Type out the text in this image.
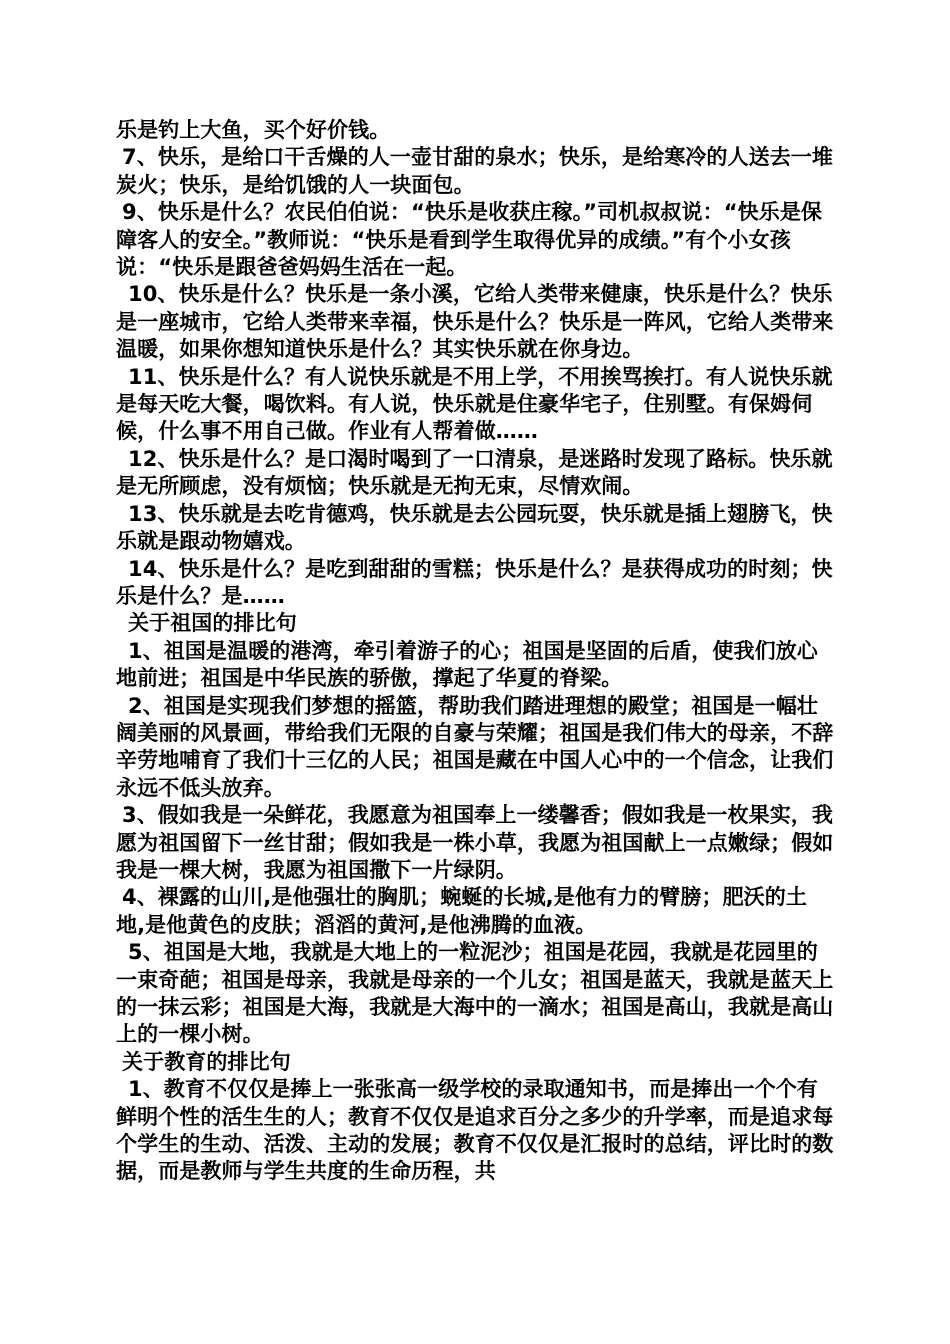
乐是钓上大鱼，买个好价钱。

7、快乐，是给口干舌燥的人一壶甘甜的泉水；快乐，是给寒冷的人送去一堆炭火；快乐，是给饥饿的人一块面包。

9、快乐是什么？农民伯伯说：“快乐是收获庄稼。”司机叔叔说：“快乐是保障客人的安全。”教师说：“快乐是看到学生取得优异的成绩。”有个小女孩说：“快乐是跟爸爸妈妈生活在一起。

10、快乐是什么？快乐是一条小溪，它给人类带来健康，快乐是什么？快乐是一座城市，它给人类带来幸福，快乐是什么？快乐是一阵风，它给人类带来温暖，如果你想知道快乐是什么？其实快乐就在你身边。

11、快乐是什么？有人说快乐就是不用上学，不用挨骂挨打。有人说快乐就是每天吃大餐，喝饮料。有人说，快乐就是住豪华宅子，住别墅。有保姆伺候，什么事不用自己做。作业有人帮着做……

12、快乐是什么？是口渴时喝到了一口清泉，是迷路时发现了路标。快乐就是无所顾虑，没有烦恼；快乐就是无拘无束，尽情欢闹。

13、快乐就是去吃肯德鸡，快乐就是去公园玩耍，快乐就是插上翅膀飞，快乐就是跟动物嬉戏。

14、快乐是什么？是吃到甜甜的雪糕；快乐是什么？是获得成功的时刻；快乐是什么？是……

关于祖国的排比句

1、祖国是温暖的港湾，牵引着游子的心；祖国是坚固的后盾，使我们放心地前进；祖国是中华民族的骄傲，撑起了华夏的脊梁。

2、祖国是实现我们梦想的摇篮，帮助我们踏进理想的殿堂；祖国是一幅壮阔美丽的风景画，带给我们无限的自豪与荣耀；祖国是我们伟大的母亲，不辞辛劳地哺育了我们十三亿的人民；祖国是藏在中国人心中的一个信念，让我们永远不低头放弃。

3、假如我是一朵鲜花，我愿意为祖国奉上一缕馨香；假如我是一枚果实，我愿为祖国留下一丝甘甜；假如我是一株小草，我愿为祖国献上一点嫩绿；假如我是一棵大树，我愿为祖国撒下一片绿阴。

4、裸露的山川,是他强壮的胸肌；蜿蜒的长城,是他有力的臂膀；肥沃的土地,是他黄色的皮肤；滔滔的黄河,是他沸腾的血液。

5、祖国是大地，我就是大地上的一粒泥沙；祖国是花园，我就是花园里的一束奇葩；祖国是母亲，我就是母亲的一个儿女；祖国是蓝天，我就是蓝天上的一抹云彩；祖国是大海，我就是大海中的一滴水；祖国是高山，我就是高山上的一棵小树。

关于教育的排比句

1、教育不仅仅是捧上一张张高一级学校的录取通知书，而是捧出一个个有鲜明个性的活生生的人；教育不仅仅是追求百分之多少的升学率，而是追求每个学生的生动、活泼、主动的发展；教育不仅仅是汇报时的总结，评比时的数据，而是教师与学生共度的生命历程，共
